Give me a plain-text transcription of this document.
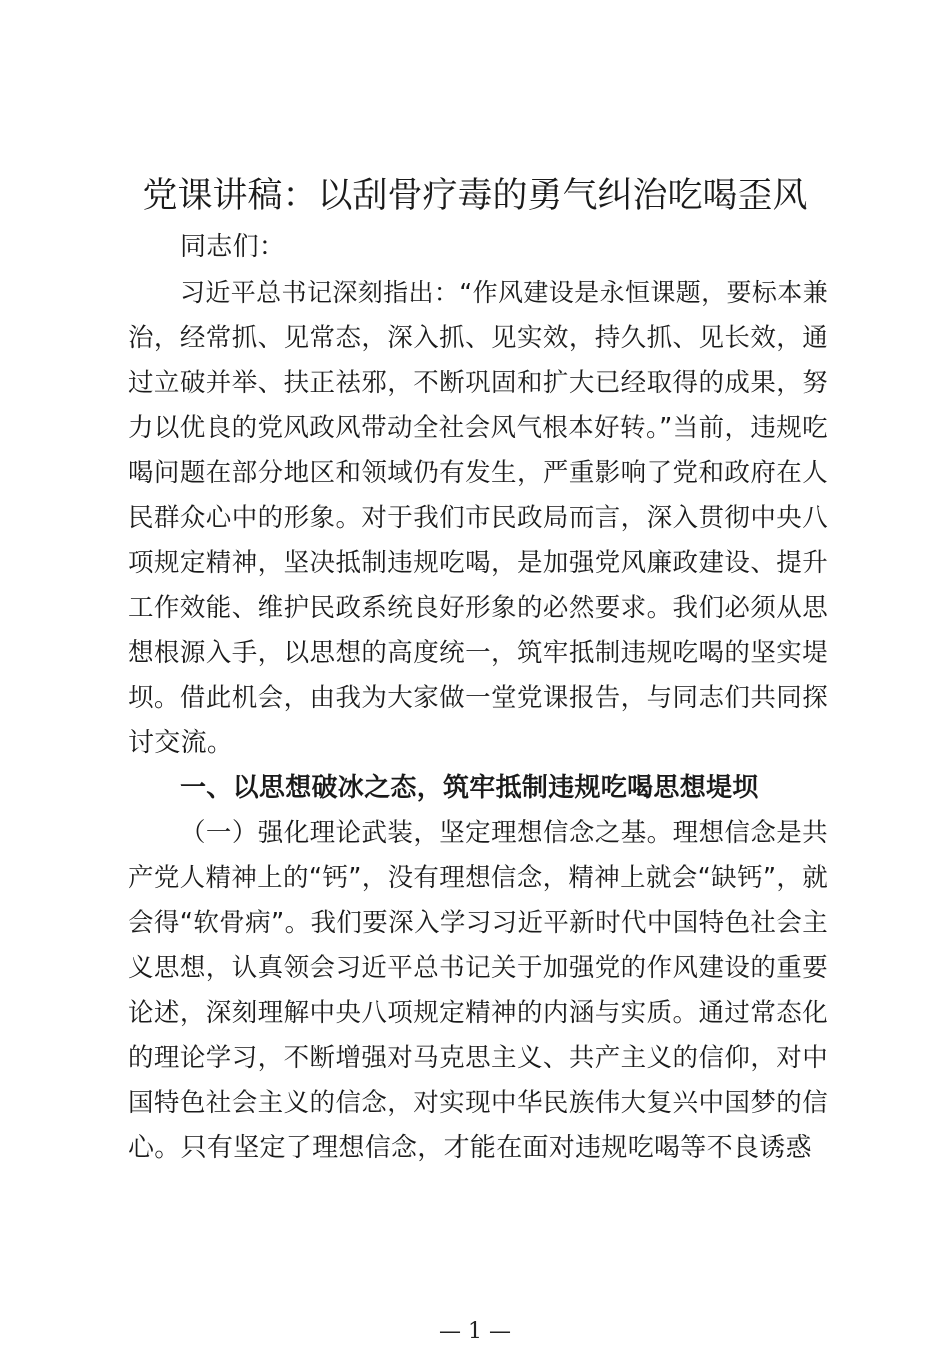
党课讲稿：以刮骨疗毒的勇气纠治吃喝歪风
同志们：
习近平总书记深刻指出：“作风建设是永恒课题，要标本兼
治，经常抓、见常态，深入抓、见实效，持久抓、见长效，通
过立破并举、扶正祛邪，不断巩固和扩大已经取得的成果，努
力以优良的党风政风带动全社会风气根本好转。”当前，违规吃
喝问题在部分地区和领域仍有发生，严重影响了党和政府在人
民群众心中的形象。对于我们市民政局而言，深入贯彻中央八
项规定精神，坚决抵制违规吃喝，是加强党风廉政建设、提升
工作效能、维护民政系统良好形象的必然要求。我们必须从思
想根源入手，以思想的高度统一，筑牢抵制违规吃喝的坚实堤
坝。借此机会，由我为大家做一堂党课报告，与同志们共同探
讨交流。
一、以思想破冰之态，筑牢抵制违规吃喝思想堤坝
（一）强化理论武装，坚定理想信念之基。理想信念是共
产党人精神上的“钙”，没有理想信念，精神上就会“缺钙”，就
会得“软骨病”。我们要深入学习习近平新时代中国特色社会主
义思想，认真领会习近平总书记关于加强党的作风建设的重要
论述，深刻理解中央八项规定精神的内涵与实质。通过常态化
的理论学习，不断增强对马克思主义、共产主义的信仰，对中
国特色社会主义的信念，对实现中华民族伟大复兴中国梦的信
心。只有坚定了理想信念，才能在面对违规吃喝等不良诱惑
— 1 —
